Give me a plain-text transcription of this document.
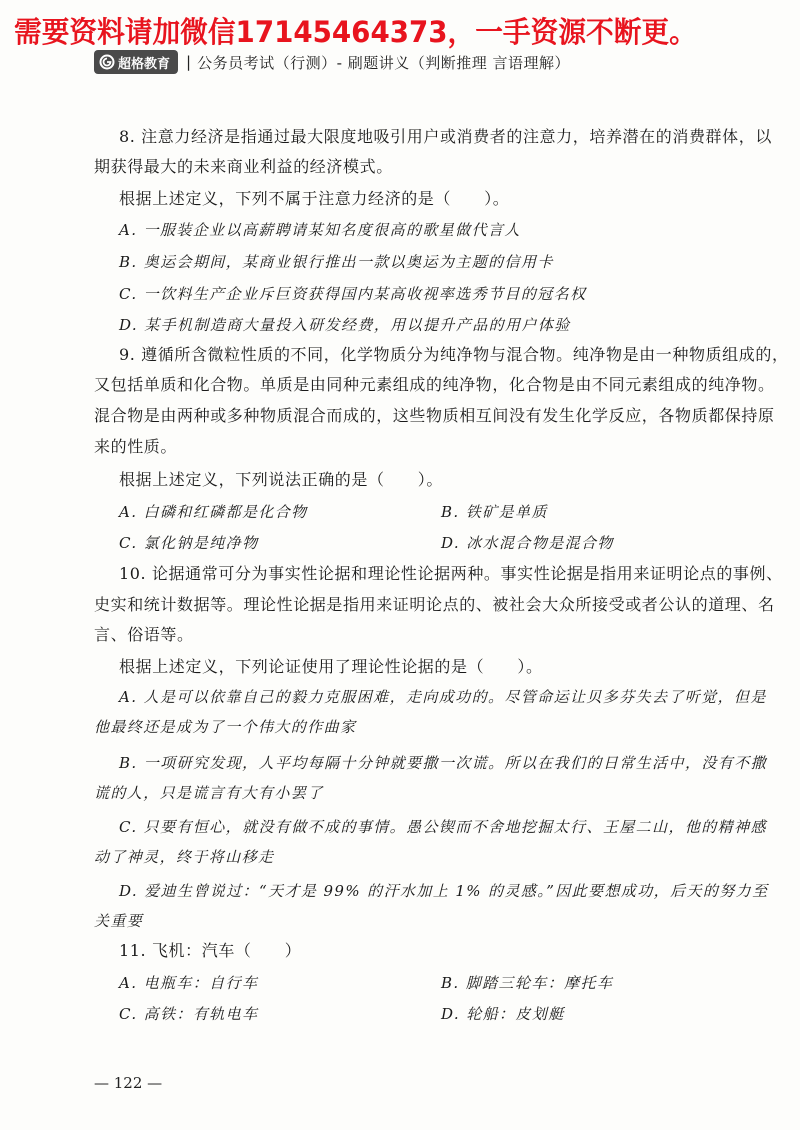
需要资料请加微信17145464373，一手资源不断更。
超格教育 | 公务员考试（行测）- 刷题讲义（判断推理 言语理解）
8. 注意力经济是指通过最大限度地吸引用户或消费者的注意力，培养潜在的消费群体，以
期获得最大的未来商业利益的经济模式。
根据上述定义，下列不属于注意力经济的是（　　）。
A. 一服装企业以高薪聘请某知名度很高的歌星做代言人
B. 奥运会期间，某商业银行推出一款以奥运为主题的信用卡
C. 一饮料生产企业斥巨资获得国内某高收视率选秀节目的冠名权
D. 某手机制造商大量投入研发经费，用以提升产品的用户体验
9. 遵循所含微粒性质的不同，化学物质分为纯净物与混合物。纯净物是由一种物质组成的，
又包括单质和化合物。单质是由同种元素组成的纯净物，化合物是由不同元素组成的纯净物。
混合物是由两种或多种物质混合而成的，这些物质相互间没有发生化学反应，各物质都保持原
来的性质。
根据上述定义，下列说法正确的是（　　）。
A. 白磷和红磷都是化合物	B. 铁矿是单质
C. 氯化钠是纯净物	D. 冰水混合物是混合物
10. 论据通常可分为事实性论据和理论性论据两种。事实性论据是指用来证明论点的事例、
史实和统计数据等。理论性论据是指用来证明论点的、被社会大众所接受或者公认的道理、名
言、俗语等。
根据上述定义，下列论证使用了理论性论据的是（　　）。
A. 人是可以依靠自己的毅力克服困难，走向成功的。尽管命运让贝多芬失去了听觉，但是
他最终还是成为了一个伟大的作曲家
B. 一项研究发现，人平均每隔十分钟就要撒一次谎。所以在我们的日常生活中，没有不撒
谎的人，只是谎言有大有小罢了
C. 只要有恒心，就没有做不成的事情。愚公锲而不舍地挖掘太行、王屋二山，他的精神感
动了神灵，终于将山移走
D. 爱迪生曾说过：“天才是 99% 的汗水加上 1% 的灵感。”因此要想成功，后天的努力至
关重要
11. 飞机：汽车（　　）
A. 电瓶车：自行车	B. 脚踏三轮车：摩托车
C. 高铁：有轨电车	D. 轮船：皮划艇
— 122 —
